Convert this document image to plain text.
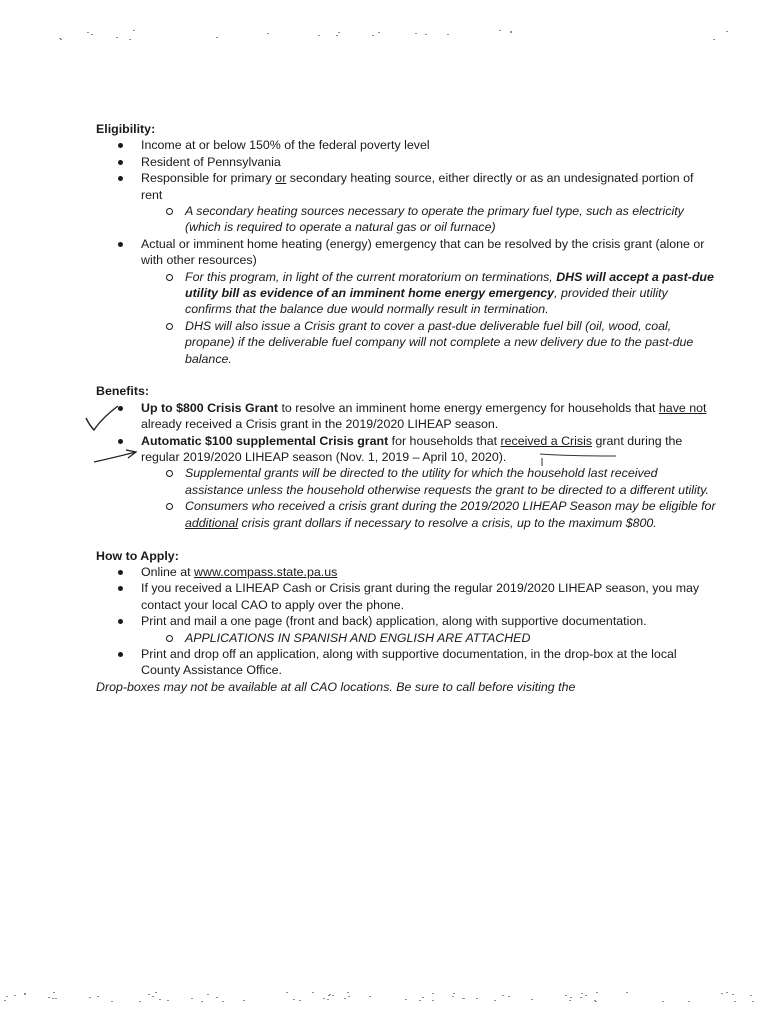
Eligibility:
Income at or below 150% of the federal poverty level
Resident of Pennsylvania
Responsible for primary or secondary heating source, either directly or as an undesignated portion of rent
A secondary heating sources necessary to operate the primary fuel type, such as electricity (which is required to operate a natural gas or oil furnace)
Actual or imminent home heating (energy) emergency that can be resolved by the crisis grant (alone or with other resources)
For this program, in light of the current moratorium on terminations, DHS will accept a past-due utility bill as evidence of an imminent home energy emergency, provided their utility confirms that the balance due would normally result in termination.
DHS will also issue a Crisis grant to cover a past-due deliverable fuel bill (oil, wood, coal, propane) if the deliverable fuel company will not complete a new delivery due to the past-due balance.
Benefits:
Up to $800 Crisis Grant to resolve an imminent home energy emergency for households that have not already received a Crisis grant in the 2019/2020 LIHEAP season.
Automatic $100 supplemental Crisis grant for households that received a Crisis grant during the regular 2019/2020 LIHEAP season (Nov. 1, 2019 – April 10, 2020).
Supplemental grants will be directed to the utility for which the household last received assistance unless the household otherwise requests the grant to be directed to a different utility.
Consumers who received a crisis grant during the 2019/2020 LIHEAP Season may be eligible for additional crisis grant dollars if necessary to resolve a crisis, up to the maximum $800.
How to Apply:
Online at www.compass.state.pa.us
If you received a LIHEAP Cash or Crisis grant during the regular 2019/2020 LIHEAP season, you may contact your local CAO to apply over the phone.
Print and mail a one page (front and back) application, along with supportive documentation.
APPLICATIONS IN SPANISH AND ENGLISH ARE ATTACHED
Print and drop off an application, along with supportive documentation, in the drop-box at the local County Assistance Office.
Drop-boxes may not be available at all CAO locations. Be sure to call before visiting the
